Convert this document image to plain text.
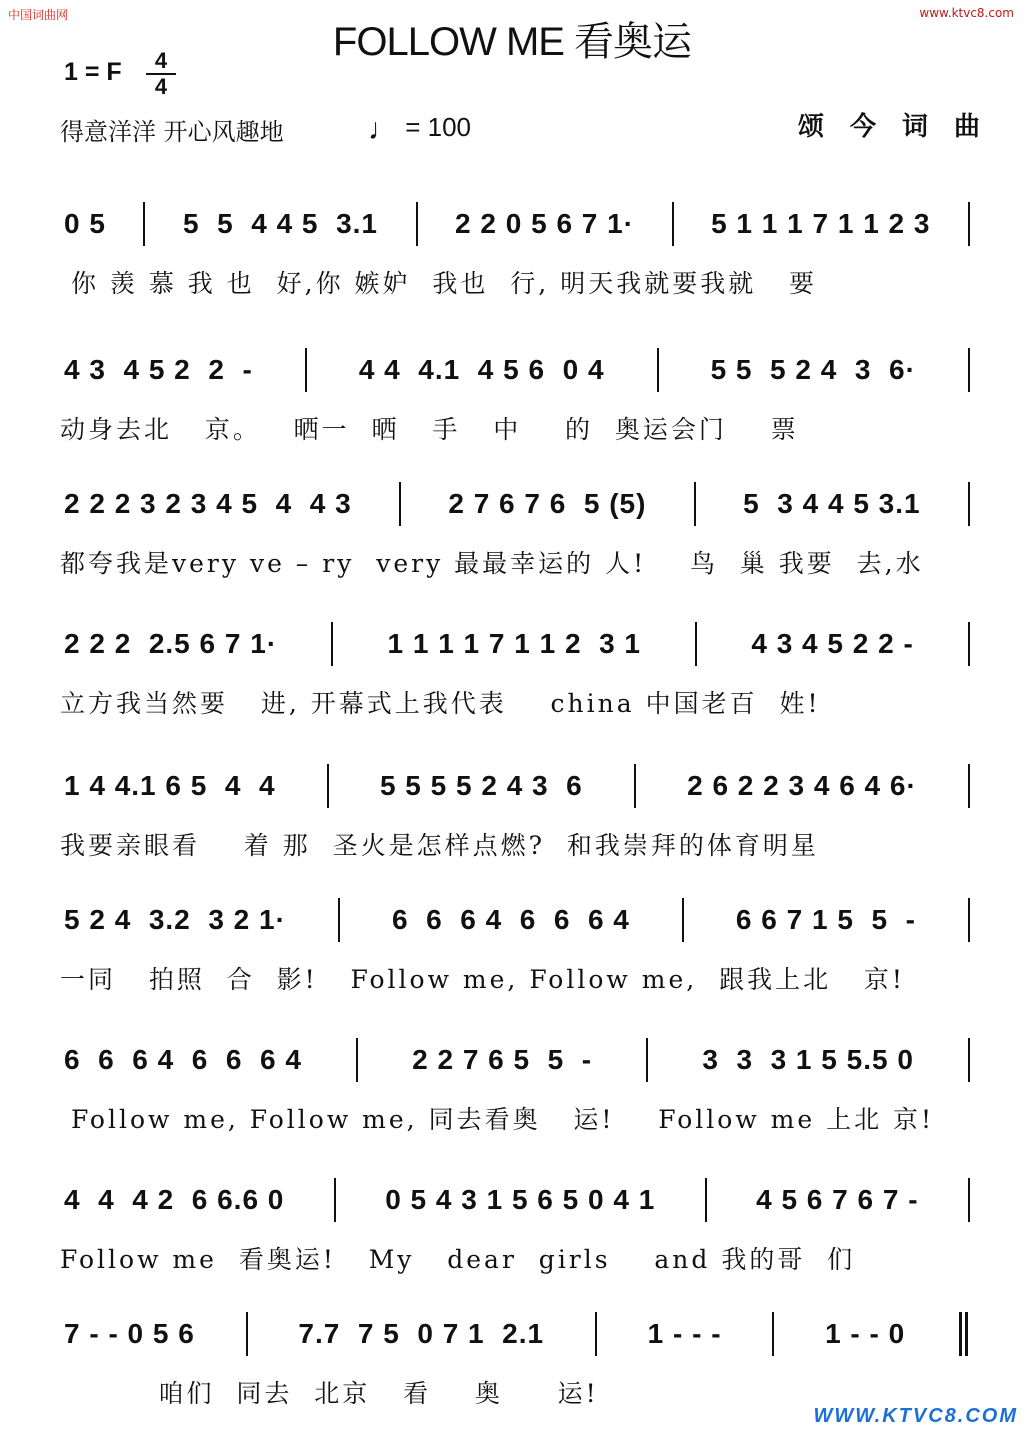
中国词曲网	www.ktvc8.com
FOLLOW ME 看奥运
1 = F	4
4
得意洋洋 开心风趣地	♩ = 100	颂今词曲
0 5	5  5  4 4 5  3.1	2 2 0 5 6 7 1·	5 1 1 1 7 1 1 2 3
你 羡 慕 我 也  好,你 嫉妒  我也  行, 明天我就要我就   要
4 3  4 5 2  2  -	4 4  4.1  4 5 6  0 4	5 5  5 2 4  3  6·
动身去北   京。   晒一  晒   手   中    的  奥运会门    票
2 2 2 3 2 3 4 5  4  4 3	2 7 6 7 6  5 (5)	5  3 4 4 5 3.1
都夸我是very ve – ry  very 最最幸运的 人!    鸟  巢 我要  去,水
2 2 2  2.5 6 7 1·	1 1 1 1 7 1 1 2  3 1	4 3 4 5 2 2 -
立方我当然要   进, 开幕式上我代表    china 中国老百  姓!
1 4 4.1 6 5  4  4	5 5 5 5 2 4 3  6	2 6 2 2 3 4 6 4 6·
我要亲眼看    着 那  圣火是怎样点燃?  和我崇拜的体育明星
5 2 4  3.2  3 2 1·	6  6  6 4  6  6  6 4	6 6 7 1 5  5  -
一同   拍照  合  影!   Follow me, Follow me,  跟我上北   京!
6  6  6 4  6  6  6 4	2 2 7 6 5  5  -	3  3  3 1 5 5.5 0
Follow me, Follow me, 同去看奥   运!    Follow me 上北 京!
4  4  4 2  6 6.6 0	0 5 4 3 1 5 6 5 0 4 1	4 5 6 7 6 7 -
Follow me  看奥运!   My   dear  girls    and 我的哥  们
7 - - 0 5 6	7.7  7 5  0 7 1  2.1	1 - - -	1 - - 0
咱们  同去  北京   看    奥     运!
WWW.KTVC8.COM
